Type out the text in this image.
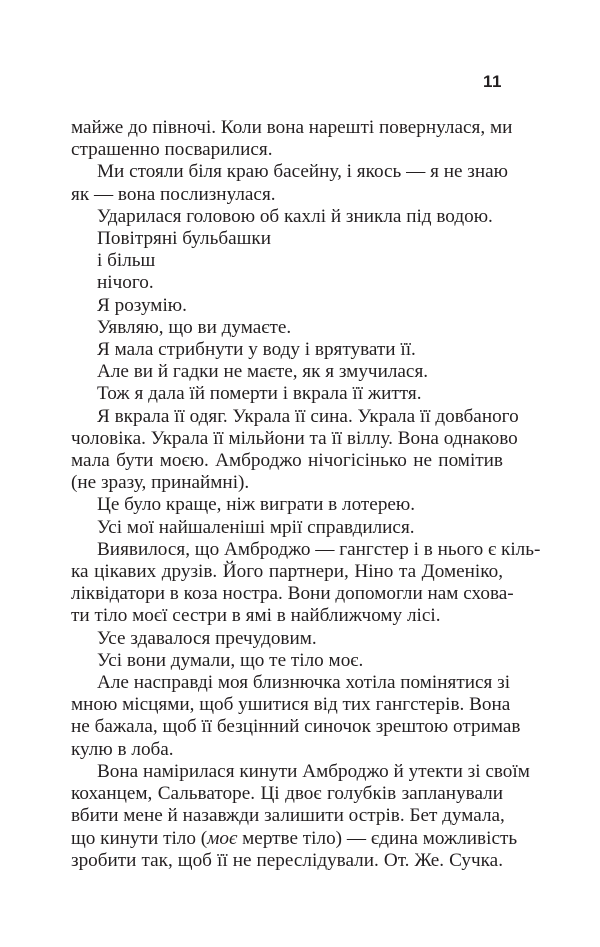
11
майже до півночі. Коли вона нарешті повернулася, ми
страшенно посварилися.
Ми стояли біля краю басейну, і якось — я не знаю
як — вона послизнулася.
Ударилася головою об кахлі й зникла під водою.
Повітряні бульбашки
і більш
нічого.
Я розумію.
Уявляю, що ви думаєте.
Я мала стрибнути у воду і врятувати її.
Але ви й гадки не маєте, як я змучилася.
Тож я дала їй померти і вкрала її життя.
Я вкрала її одяг. Украла її сина. Украла її довбаного
чоловіка. Украла її мільйони та її віллу. Вона однаково
мала бути моєю. Амброджо нічогісінько не помітив
(не зразу, принаймні).
Це було краще, ніж виграти в лотерею.
Усі мої найшаленіші мрії справдилися.
Виявилося, що Амброджо — гангстер і в нього є кіль-
ка цікавих друзів. Його партнери, Ніно та Доменіко,
ліквідатори в коза ностра. Вони допомогли нам схова-
ти тіло моєї сестри в ямі в найближчому лісі.
Усе здавалося пречудовим.
Усі вони думали, що те тіло моє.
Але насправді моя близнючка хотіла помінятися зі
мною місцями, щоб ушитися від тих гангстерів. Вона
не бажала, щоб її безцінний синочок зрештою отримав
кулю в лоба.
Вона намірилася кинути Амброджо й утекти зі своїм
коханцем, Сальваторе. Ці двоє голубків запланували
вбити мене й назавжди залишити острів. Бет думала,
що кинути тіло (моє мертве тіло) — єдина можливість
зробити так, щоб її не переслідували. От. Же. Сучка.
